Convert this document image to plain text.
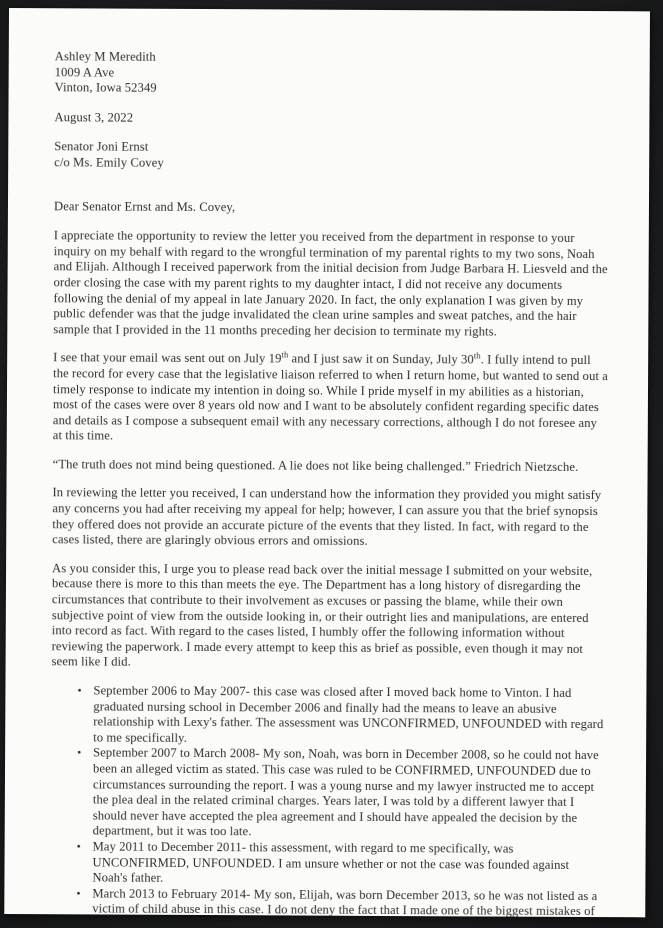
Ashley M Meredith
1009 A Ave
Vinton, Iowa 52349
August 3, 2022
Senator Joni Ernst
c/o Ms. Emily Covey
Dear Senator Ernst and Ms. Covey,

I appreciate the opportunity to review the letter you received from the department in response to your inquiry on my behalf with regard to the wrongful termination of my parental rights to my two sons, Noah and Elijah. Although I received paperwork from the initial decision from Judge Barbara H. Liesveld and the order closing the case with my parent rights to my daughter intact, I did not receive any documents following the denial of my appeal in late January 2020. In fact, the only explanation I was given by my public defender was that the judge invalidated the clean urine samples and sweat patches, and the hair sample that I provided in the 11 months preceding her decision to terminate my rights.

I see that your email was sent out on July 19th and I just saw it on Sunday, July 30th. I fully intend to pull the record for every case that the legislative liaison referred to when I return home, but wanted to send out a timely response to indicate my intention in doing so. While I pride myself in my abilities as a historian, most of the cases were over 8 years old now and I want to be absolutely confident regarding specific dates and details as I compose a subsequent email with any necessary corrections, although I do not foresee any at this time.

“The truth does not mind being questioned. A lie does not like being challenged.” Friedrich Nietzsche.

In reviewing the letter you received, I can understand how the information they provided you might satisfy any concerns you had after receiving my appeal for help; however, I can assure you that the brief synopsis they offered does not provide an accurate picture of the events that they listed. In fact, with regard to the cases listed, there are glaringly obvious errors and omissions.

As you consider this, I urge you to please read back over the initial message I submitted on your website, because there is more to this than meets the eye. The Department has a long history of disregarding the circumstances that contribute to their involvement as excuses or passing the blame, while their own subjective point of view from the outside looking in, or their outright lies and manipulations, are entered into record as fact. With regard to the cases listed, I humbly offer the following information without reviewing the paperwork. I made every attempt to keep this as brief as possible, even though it may not seem like I did.

• September 2006 to May 2007- this case was closed after I moved back home to Vinton. I had graduated nursing school in December 2006 and finally had the means to leave an abusive relationship with Lexy's father. The assessment was UNCONFIRMED, UNFOUNDED with regard to me specifically.
• September 2007 to March 2008- My son, Noah, was born in December 2008, so he could not have been an alleged victim as stated. This case was ruled to be CONFIRMED, UNFOUNDED due to circumstances surrounding the report. I was a young nurse and my lawyer instructed me to accept the plea deal in the related criminal charges. Years later, I was told by a different lawyer that I should never have accepted the plea agreement and I should have appealed the decision by the department, but it was too late.
• May 2011 to December 2011- this assessment, with regard to me specifically, was UNCONFIRMED, UNFOUNDED. I am unsure whether or not the case was founded against Noah's father.
• March 2013 to February 2014- My son, Elijah, was born December 2013, so he was not listed as a victim of child abuse in this case. I do not deny the fact that I made one of the biggest mistakes of
